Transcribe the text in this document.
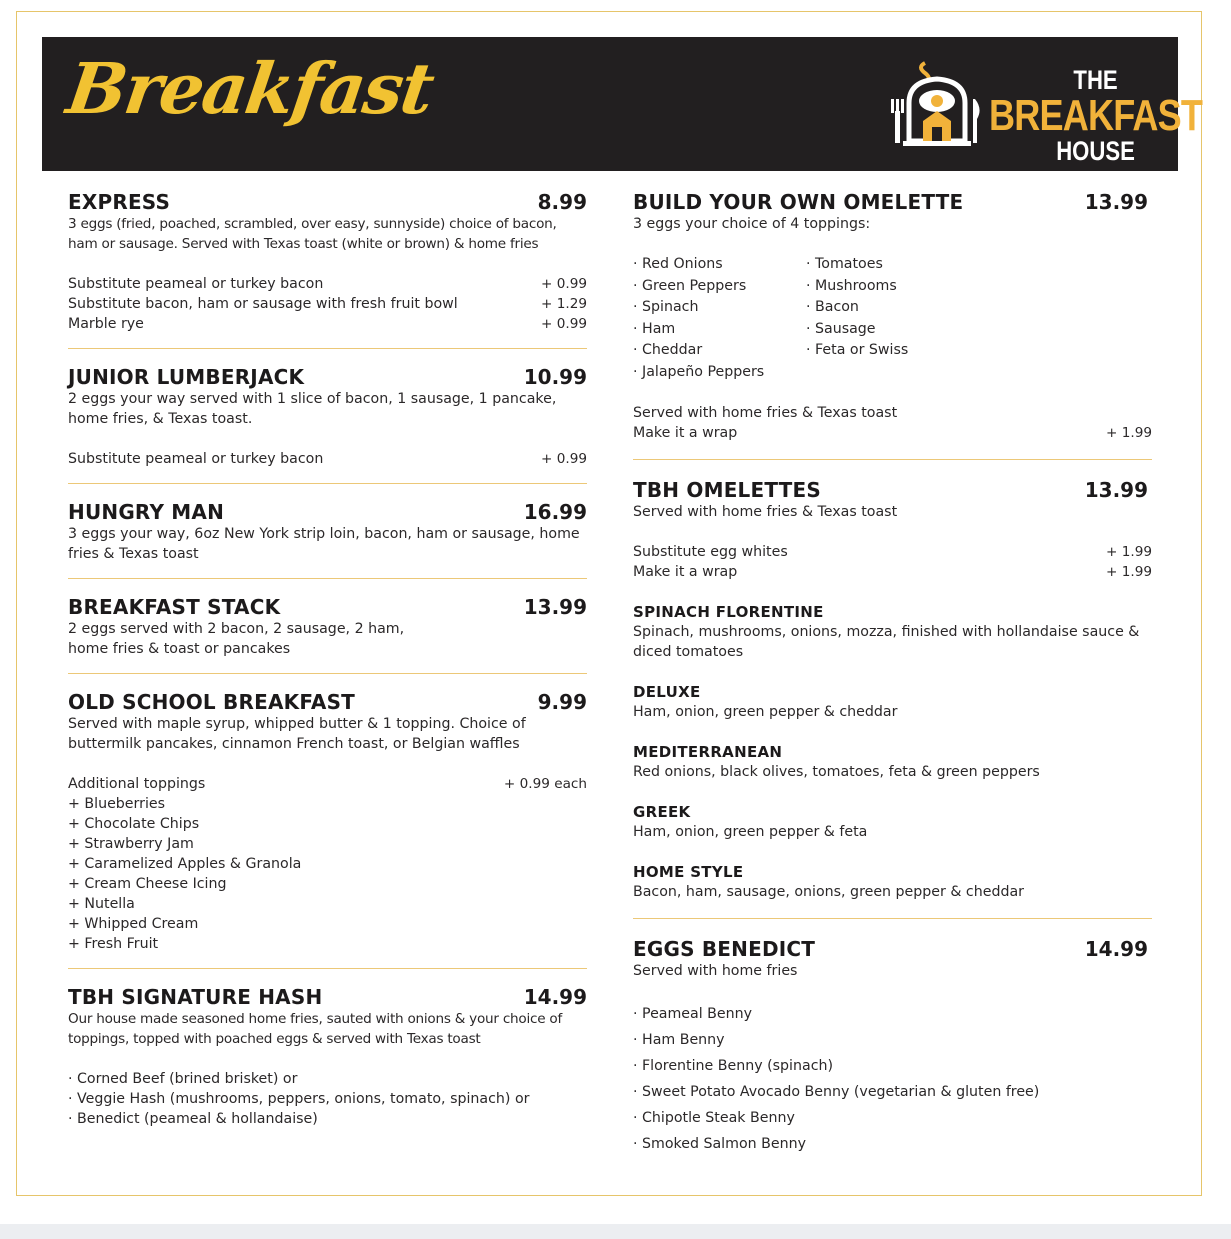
Breakfast	THE
BREAKFAST
HOUSE
EXPRESS	8.99
3 eggs (fried, poached, scrambled, over easy, sunnyside) choice of bacon, ham or sausage. Served with Texas toast (white or brown) & home fries
Substitute peameal or turkey bacon	+ 0.99
Substitute bacon, ham or sausage with fresh fruit bowl	+ 1.29
Marble rye	+ 0.99
JUNIOR LUMBERJACK	10.99
2 eggs your way served with 1 slice of bacon, 1 sausage, 1 pancake, home fries, & Texas toast.
Substitute peameal or turkey bacon	+ 0.99
HUNGRY MAN	16.99
3 eggs your way, 6oz New York strip loin, bacon, ham or sausage, home fries & Texas toast
BREAKFAST STACK	13.99
2 eggs served with 2 bacon, 2 sausage, 2 ham,
home fries & toast or pancakes
OLD SCHOOL BREAKFAST	9.99
Served with maple syrup, whipped butter & 1 topping. Choice of buttermilk pancakes, cinnamon French toast, or Belgian waffles
Additional toppings	+ 0.99 each
+ Blueberries
+ Chocolate Chips
+ Strawberry Jam
+ Caramelized Apples & Granola
+ Cream Cheese Icing
+ Nutella
+ Whipped Cream
+ Fresh Fruit
TBH SIGNATURE HASH	14.99
Our house made seasoned home fries, sauted with onions & your choice of toppings, topped with poached eggs & served with Texas toast
· Corned Beef (brined brisket) or
· Veggie Hash (mushrooms, peppers, onions, tomato, spinach) or
· Benedict (peameal & hollandaise)
BUILD YOUR OWN OMELETTE	13.99
3 eggs your choice of 4 toppings:
· Red Onions
· Green Peppers
· Spinach
· Ham
· Cheddar
· Jalapeño Peppers
· Tomatoes
· Mushrooms
· Bacon
· Sausage
· Feta or Swiss
Served with home fries & Texas toast
Make it a wrap	+ 1.99
TBH OMELETTES	13.99
Served with home fries & Texas toast
Substitute egg whites	+ 1.99
Make it a wrap	+ 1.99
SPINACH FLORENTINE
Spinach, mushrooms, onions, mozza, finished with hollandaise sauce & diced tomatoes
DELUXE
Ham, onion, green pepper & cheddar
MEDITERRANEAN
Red onions, black olives, tomatoes, feta & green peppers
GREEK
Ham, onion, green pepper & feta
HOME STYLE
Bacon, ham, sausage, onions, green pepper & cheddar
EGGS BENEDICT	14.99
Served with home fries
· Peameal Benny
· Ham Benny
· Florentine Benny (spinach)
· Sweet Potato Avocado Benny (vegetarian & gluten free)
· Chipotle Steak Benny
· Smoked Salmon Benny
